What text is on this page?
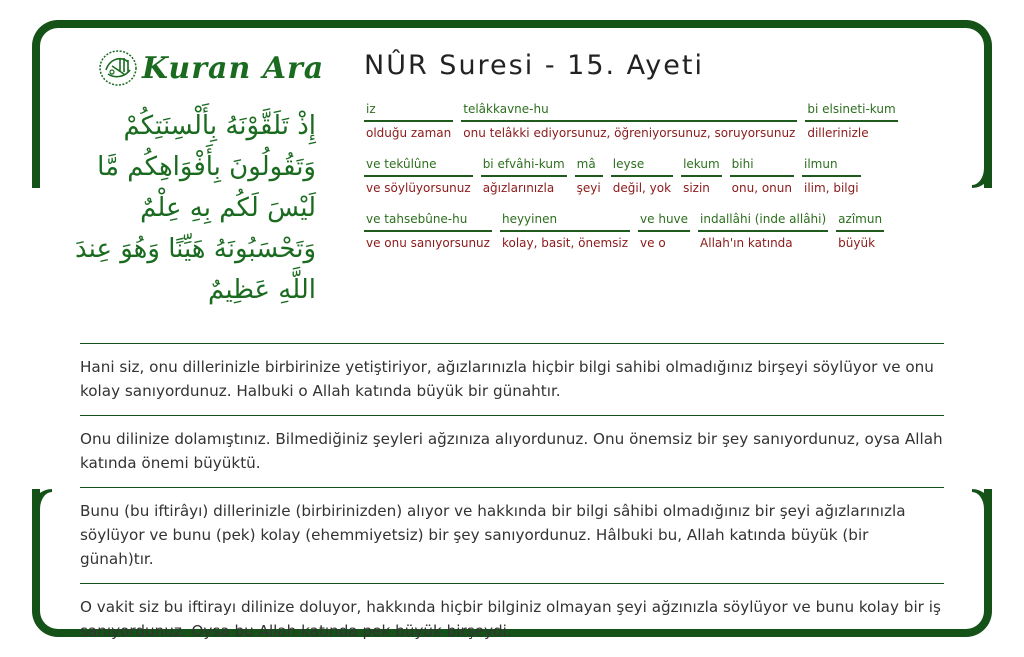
Kuran Ara
إِذْ تَلَقَّوْنَهُ بِأَلْسِنَتِكُمْ
وَتَقُولُونَ بِأَفْوَاهِكُم مَّا
لَيْسَ لَكُم بِهِ عِلْمٌ
وَتَحْسَبُونَهُ هَيِّنًا وَهُوَ عِندَ
اللَّهِ عَظِيمٌ
NÛR Suresi - 15. Ayeti
iz
olduğu zaman
telâkkavne-hu
onu telâkki ediyorsunuz, öğreniyorsunuz, soruyorsunuz
bi elsineti-kum
dillerinizle
ve tekûlûne
ve söylüyorsunuz
bi efvâhi-kum
ağızlarınızla
mâ
şeyi
leyse
değil, yok
lekum
sizin
bihi
onu, onun
ilmun
ilim, bilgi
ve tahsebûne-hu
ve onu sanıyorsunuz
heyyinen
kolay, basit, önemsiz
ve huve
ve o
indallâhi (inde allâhi)
Allah'ın katında
azîmun
büyük
Hani siz, onu dillerinizle birbirinize yetiştiriyor, ağızlarınızla hiçbir bilgi sahibi olmadığınız birşeyi söylüyor ve onu kolay sanıyordunuz. Halbuki o Allah katında büyük bir günahtır.
Onu dilinize dolamıştınız. Bilmediğiniz şeyleri ağzınıza alıyordunuz. Onu önemsiz bir şey sanıyordunuz, oysa Allah katında önemi büyüktü.
Bunu (bu iftirâyı) dillerinizle (birbirinizden) alıyor ve hakkında bir bilgi sâhibi olmadığınız bir şeyi ağızlarınızla söylüyor ve bunu (pek) kolay (ehemmiyetsiz) bir şey sanıyordunuz. Hâlbuki bu, Allah katında büyük (bir günah)tır.
O vakit siz bu iftirayı dilinize doluyor, hakkında hiçbir bilginiz olmayan şeyi ağzınızla söylüyor ve bunu kolay bir iş sanıyordunuz. Oysa bu Allah katında pek büyük birşeydi.
